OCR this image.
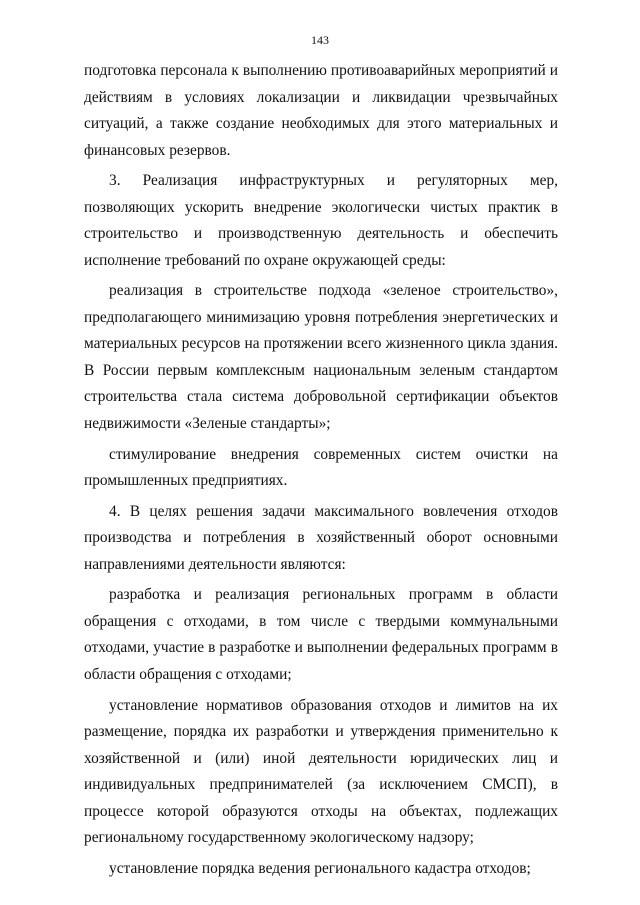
143

подготовка персонала к выполнению противоаварийных мероприятий и действиям в условиях локализации и ликвидации чрезвычайных ситуаций, а также создание необходимых для этого материальных и финансовых резервов.

3. Реализация инфраструктурных и регуляторных мер, позволяющих ускорить внедрение экологически чистых практик в строительство и производственную деятельность и обеспечить исполнение требований по охране окружающей среды:

реализация в строительстве подхода «зеленое строительство», предполагающего минимизацию уровня потребления энергетических и материальных ресурсов на протяжении всего жизненного цикла здания. В России первым комплексным национальным зеленым стандартом строительства стала система добровольной сертификации объектов недвижимости «Зеленые стандарты»;

стимулирование внедрения современных систем очистки на промышленных предприятиях.

4. В целях решения задачи максимального вовлечения отходов производства и потребления в хозяйственный оборот основными направлениями деятельности являются:

разработка и реализация региональных программ в области обращения с отходами, в том числе с твердыми коммунальными отходами, участие в разработке и выполнении федеральных программ в области обращения с отходами;

установление нормативов образования отходов и лимитов на их размещение, порядка их разработки и утверждения применительно к хозяйственной и (или) иной деятельности юридических лиц и индивидуальных предпринимателей (за исключением СМСП), в процессе которой образуются отходы на объектах, подлежащих региональному государственному экологическому надзору;

установление порядка ведения регионального кадастра отходов;
